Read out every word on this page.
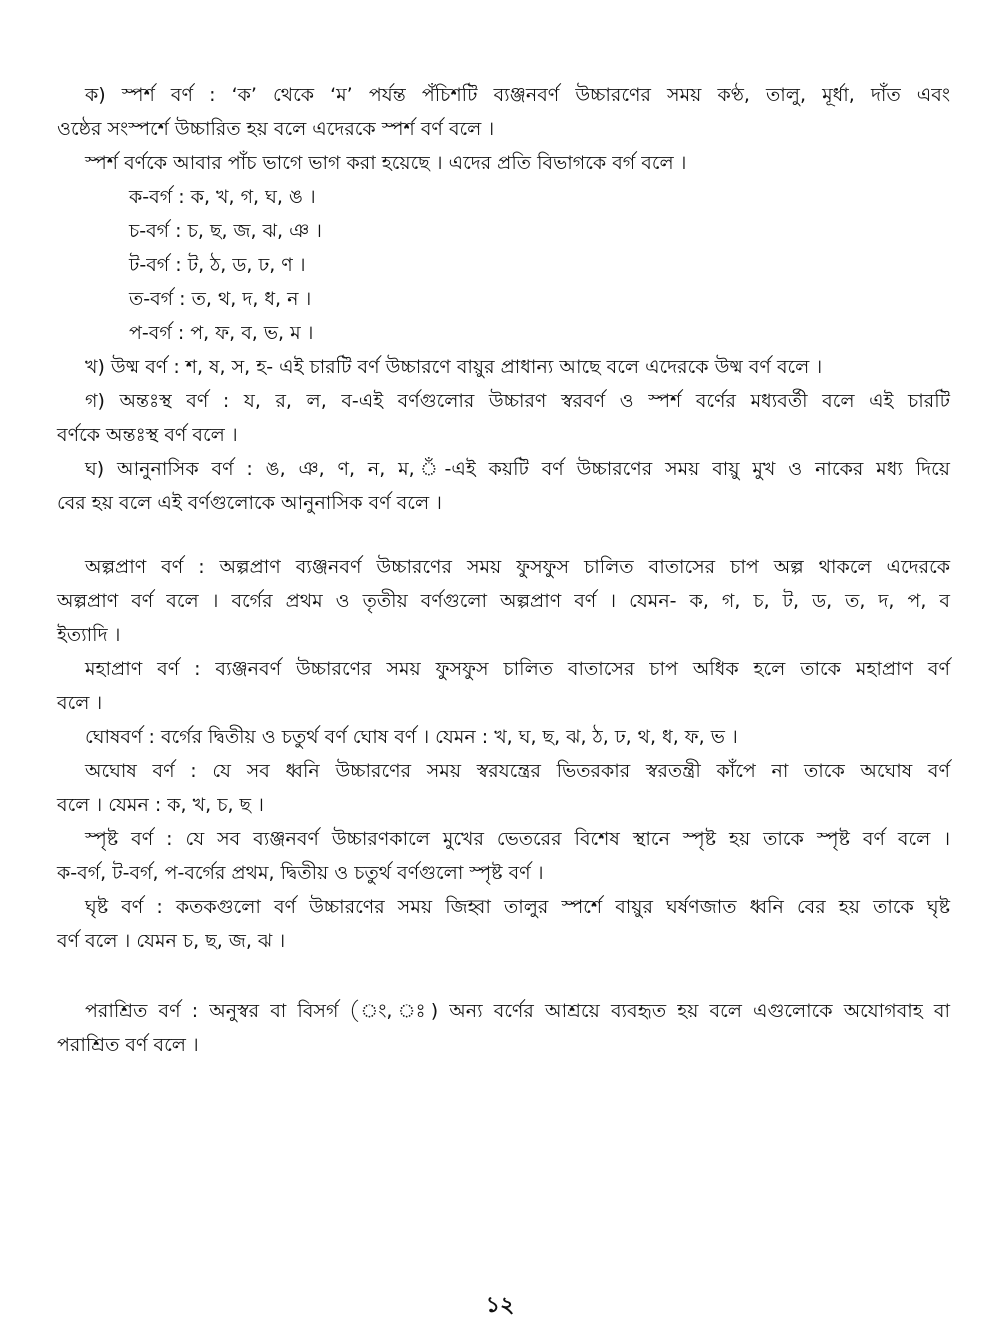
ক) স্পর্শ বর্ণ : ‘ক’ থেকে ‘ম’ পর্যন্ত পঁচিশটি ব্যঞ্জনবর্ণ উচ্চারণের সময় কণ্ঠ, তালু, মূর্ধা, দাঁত এবং
ওষ্ঠের সংস্পর্শে উচ্চারিত হয় বলে এদেরকে স্পর্শ বর্ণ বলে ।
স্পর্শ বর্ণকে আবার পাঁচ ভাগে ভাগ করা হয়েছে । এদের প্রতি বিভাগকে বর্গ বলে ।
ক-বর্গ : ক, খ, গ, ঘ, ঙ ।
চ-বর্গ : চ, ছ, জ, ঝ, ঞ ।
ট-বর্গ : ট, ঠ, ড, ঢ, ণ ।
ত-বর্গ : ত, থ, দ, ধ, ন ।
প-বর্গ : প, ফ, ব, ভ, ম ।
খ) উষ্ম বর্ণ : শ, ষ, স, হ- এই চারটি বর্ণ উচ্চারণে বায়ুর প্রাধান্য আছে বলে এদেরকে উষ্ম বর্ণ বলে ।
গ) অন্তঃস্থ বর্ণ : য, র, ল, ব-এই বর্ণগুলোর উচ্চারণ স্বরবর্ণ ও স্পর্শ বর্ণের মধ্যবর্তী বলে এই চারটি
বর্ণকে অন্তঃস্থ বর্ণ বলে ।
ঘ) আনুনাসিক বর্ণ : ঙ, ঞ, ণ, ন, ম, ঁ-এই কয়টি বর্ণ উচ্চারণের সময় বায়ু মুখ ও নাকের মধ্য দিয়ে
বের হয় বলে এই বর্ণগুলোকে আনুনাসিক বর্ণ বলে ।
অল্পপ্রাণ বর্ণ : অল্পপ্রাণ ব্যঞ্জনবর্ণ উচ্চারণের সময় ফুসফুস চালিত বাতাসের চাপ অল্প থাকলে এদেরকে
অল্পপ্রাণ বর্ণ বলে । বর্গের প্রথম ও তৃতীয় বর্ণগুলো অল্পপ্রাণ বর্ণ । যেমন- ক, গ, চ, ট, ড, ত, দ, প, ব
ইত্যাদি ।
মহাপ্রাণ বর্ণ : ব্যঞ্জনবর্ণ উচ্চারণের সময় ফুসফুস চালিত বাতাসের চাপ অধিক হলে তাকে মহাপ্রাণ বর্ণ
বলে ।
ঘোষবর্ণ : বর্গের দ্বিতীয় ও চতুর্থ বর্ণ ঘোষ বর্ণ । যেমন : খ, ঘ, ছ, ঝ, ঠ, ঢ, থ, ধ, ফ, ভ ।
অঘোষ বর্ণ : যে সব ধ্বনি উচ্চারণের সময় স্বরযন্ত্রের ভিতরকার স্বরতন্ত্রী কাঁপে না তাকে অঘোষ বর্ণ
বলে । যেমন : ক, খ, চ, ছ ।
স্পৃষ্ট বর্ণ : যে সব ব্যঞ্জনবর্ণ উচ্চারণকালে মুখের ভেতরের বিশেষ স্থানে স্পৃষ্ট হয় তাকে স্পৃষ্ট বর্ণ বলে ।
ক-বর্গ, ট-বর্গ, প-বর্গের প্রথম, দ্বিতীয় ও চতুর্থ বর্ণগুলো স্পৃষ্ট বর্ণ ।
ঘৃষ্ট বর্ণ : কতকগুলো বর্ণ উচ্চারণের সময় জিহ্বা তালুর স্পর্শে বায়ুর ঘর্ষণজাত ধ্বনি বের হয় তাকে ঘৃষ্ট
বর্ণ বলে । যেমন চ, ছ, জ, ঝ ।
পরাশ্রিত বর্ণ : অনুস্বর বা বিসর্গ (ং, ঃ) অন্য বর্ণের আশ্রয়ে ব্যবহৃত হয় বলে এগুলোকে অযোগবাহ বা
পরাশ্রিত বর্ণ বলে ।
১২
